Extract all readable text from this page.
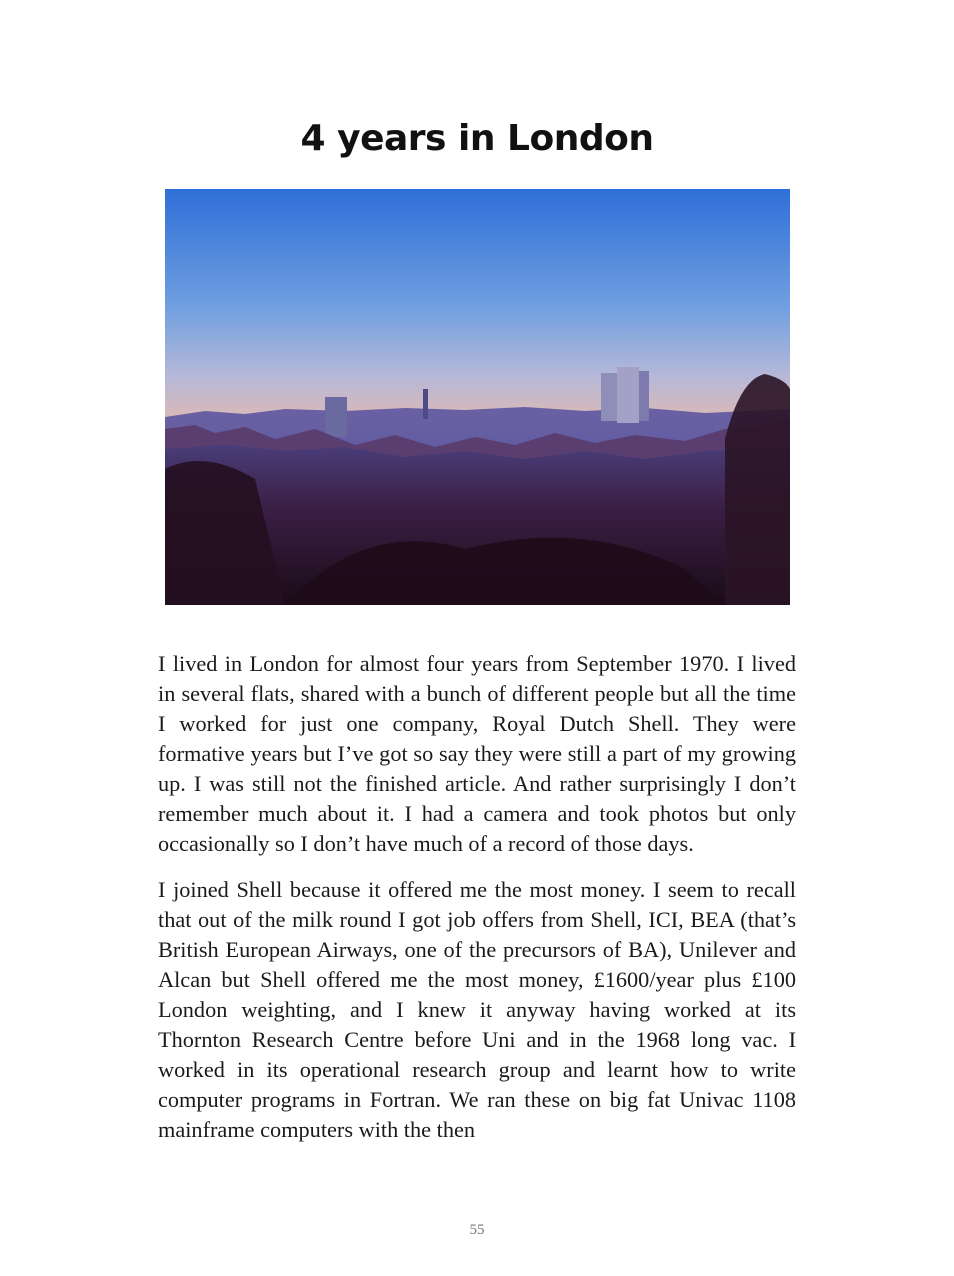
4 years in London

I lived in London for almost four years from September 1970. I lived in several flats, shared with a bunch of different people but all the time I worked for just one company, Royal Dutch Shell. They were formative years but I’ve got so say they were still a part of my growing up. I was still not the finished article. And rather surprisingly I don’t remember much about it. I had a camera and took photos but only occasionally so I don’t have much of a record of those days.

I joined Shell because it offered me the most money. I seem to recall that out of the milk round I got job offers from Shell, ICI, BEA (that’s British European Airways, one of the precursors of BA), Unilever and Alcan but Shell offered me the most money, £1600/year plus £100 London weighting, and I knew it anyway having worked at its Thornton Research Centre before Uni and in the 1968 long vac. I worked in its operational research group and learnt how to write computer programs in Fortran. We ran these on big fat Univac 1108 mainframe computers with the then

55
